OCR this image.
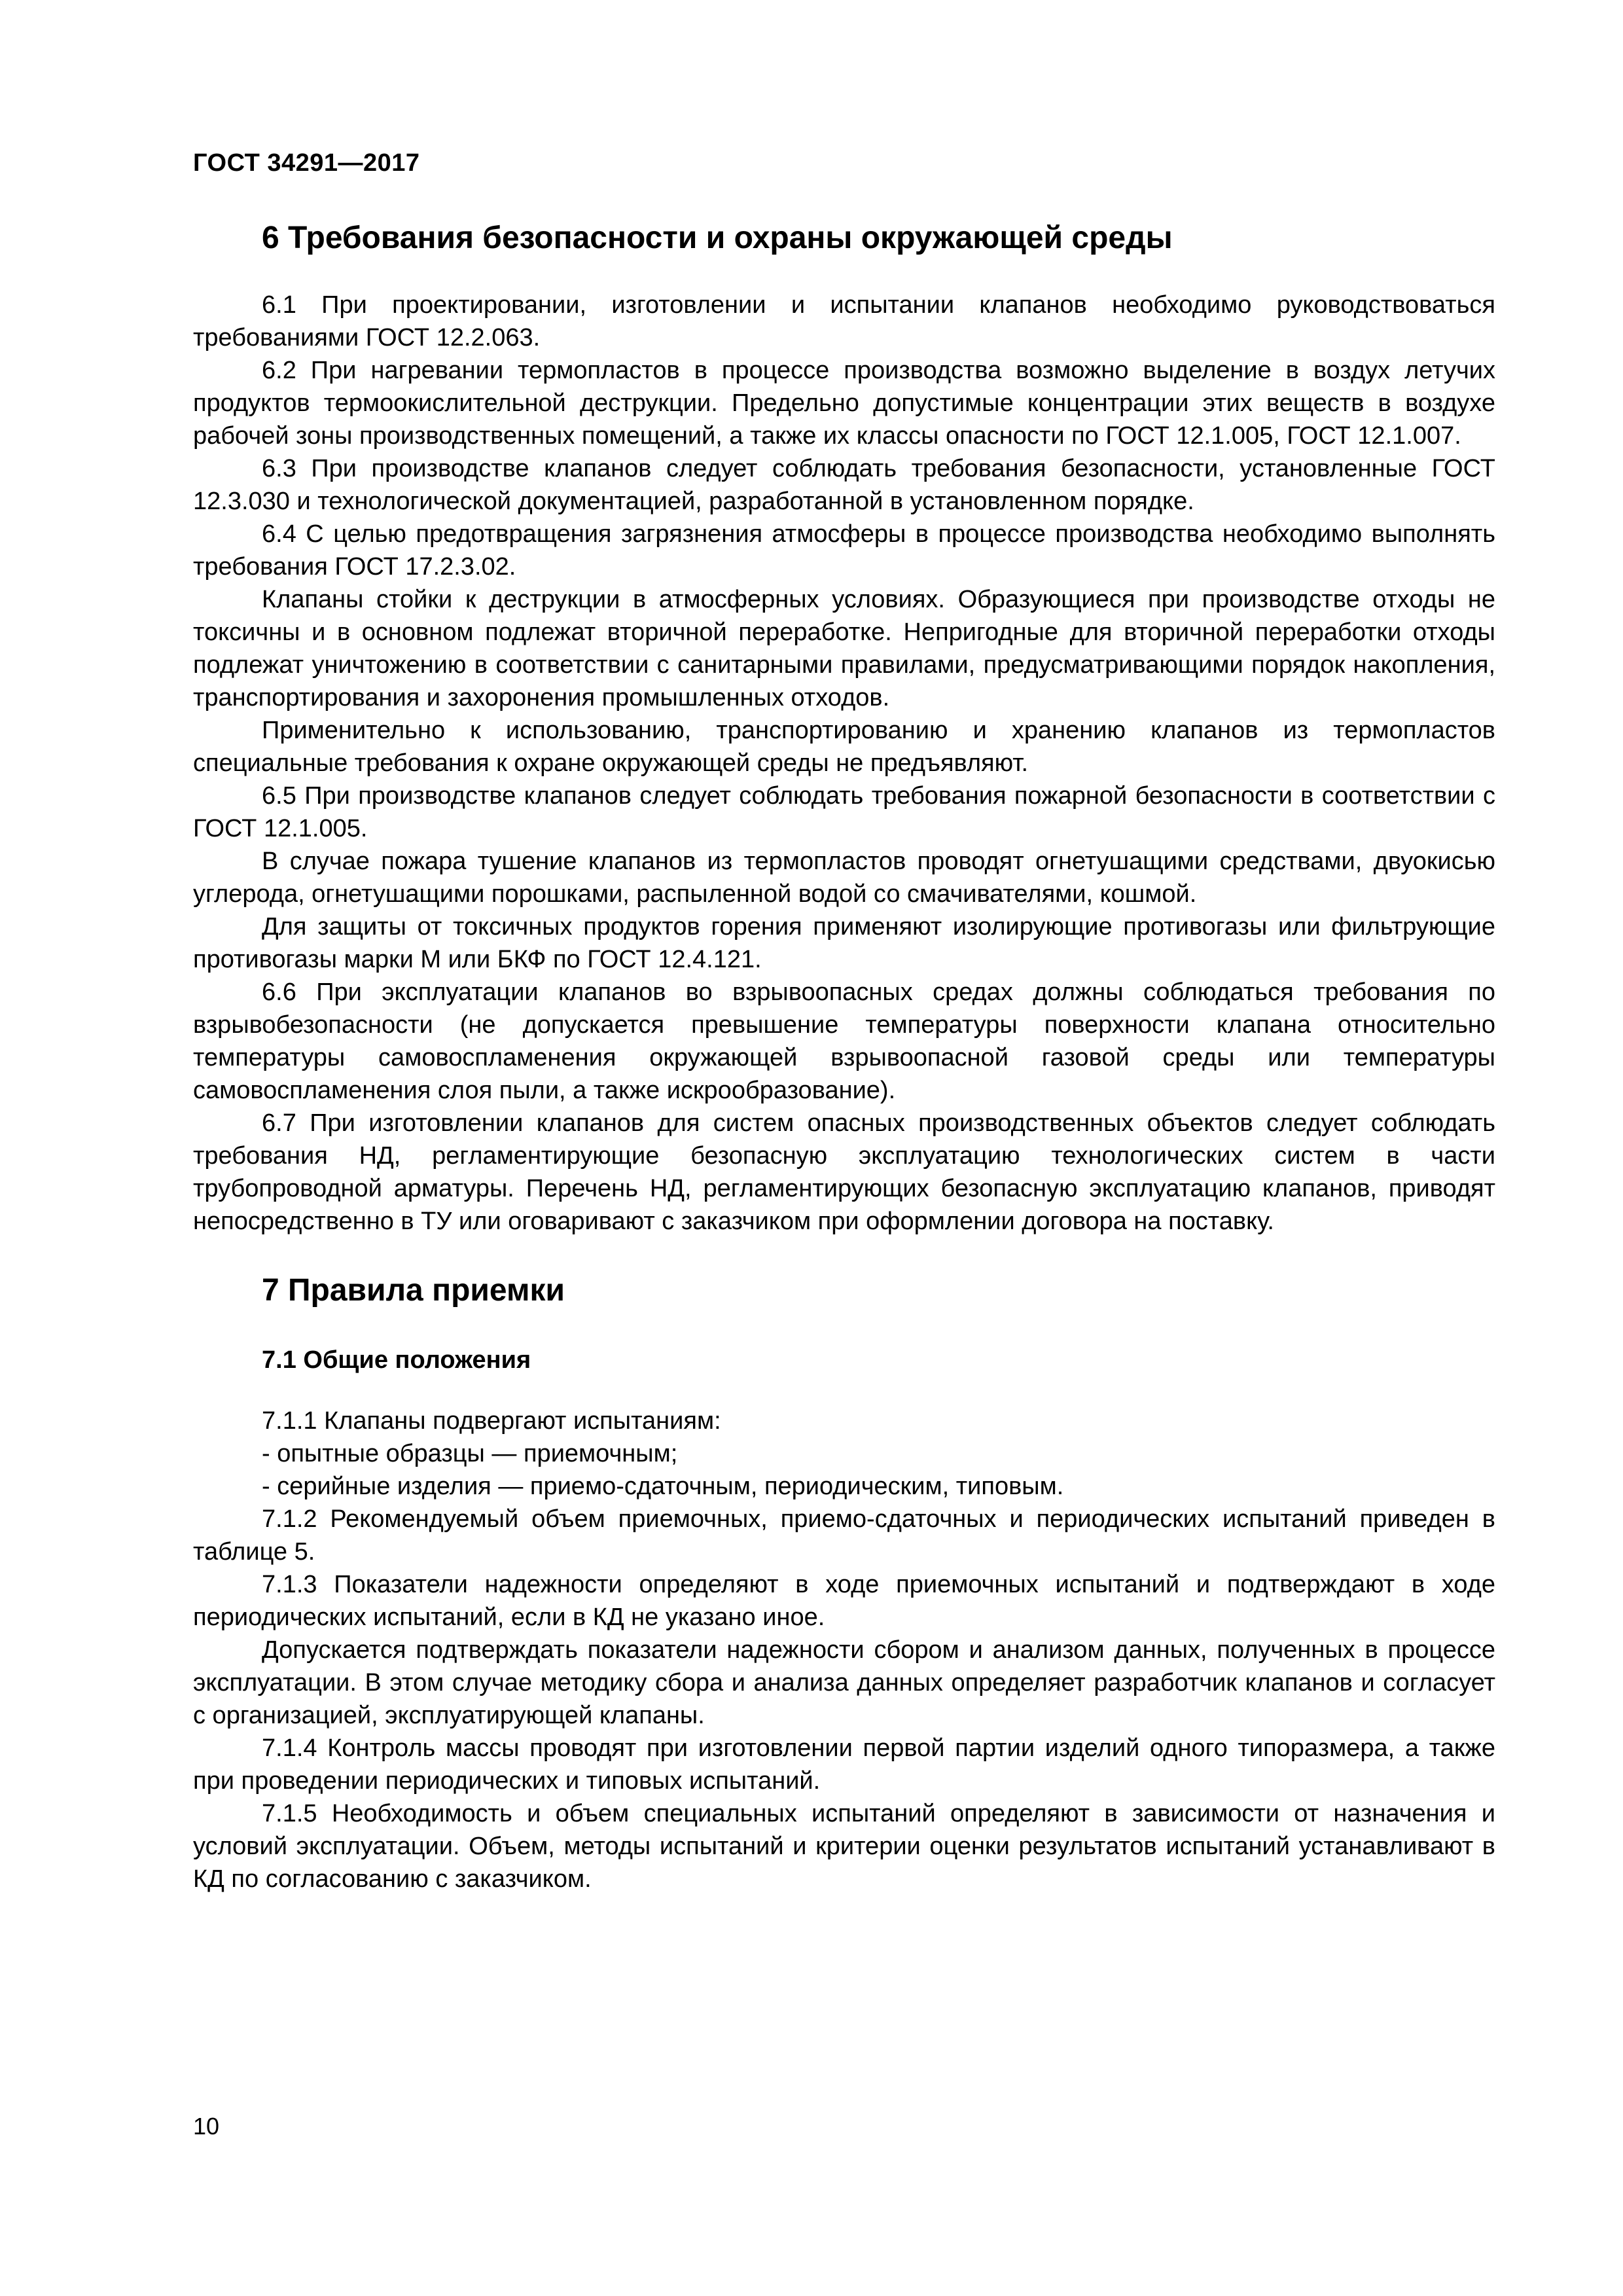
ГОСТ 34291—2017
6 Требования безопасности и охраны окружающей среды

6.1 При проектировании, изготовлении и испытании клапанов необходимо руководствоваться требованиями ГОСТ 12.2.063.

6.2 При нагревании термопластов в процессе производства возможно выделение в воздух летучих продуктов термоокислительной деструкции. Предельно допустимые концентрации этих веществ в воздухе рабочей зоны производственных помещений, а также их классы опасности по ГОСТ 12.1.005, ГОСТ 12.1.007.

6.3 При производстве клапанов следует соблюдать требования безопасности, установленные ГОСТ 12.3.030 и технологической документацией, разработанной в установленном порядке.

6.4 С целью предотвращения загрязнения атмосферы в процессе производства необходимо выполнять требования ГОСТ 17.2.3.02.

Клапаны стойки к деструкции в атмосферных условиях. Образующиеся при производстве отходы не токсичны и в основном подлежат вторичной переработке. Непригодные для вторичной переработки отходы подлежат уничтожению в соответствии с санитарными правилами, предусматривающими порядок накопления, транспортирования и захоронения промышленных отходов.

Применительно к использованию, транспортированию и хранению клапанов из термопластов специальные требования к охране окружающей среды не предъявляют.

6.5 При производстве клапанов следует соблюдать требования пожарной безопасности в соответствии с ГОСТ 12.1.005.

В случае пожара тушение клапанов из термопластов проводят огнетушащими средствами, двуокисью углерода, огнетушащими порошками, распыленной водой со смачивателями, кошмой.

Для защиты от токсичных продуктов горения применяют изолирующие противогазы или фильтрующие противогазы марки М или БКФ по ГОСТ 12.4.121.

6.6 При эксплуатации клапанов во взрывоопасных средах должны соблюдаться требования по взрывобезопасности (не допускается превышение температуры поверхности клапана относительно температуры самовоспламенения окружающей взрывоопасной газовой среды или температуры самовоспламенения слоя пыли, а также искрообразование).

6.7 При изготовлении клапанов для систем опасных производственных объектов следует соблюдать требования НД, регламентирующие безопасную эксплуатацию технологических систем в части трубопроводной арматуры. Перечень НД, регламентирующих безопасную эксплуатацию клапанов, приводят непосредственно в ТУ или оговаривают с заказчиком при оформлении договора на поставку.

7 Правила приемки
7.1 Общие положения

7.1.1 Клапаны подвергают испытаниям:

- опытные образцы — приемочным;

- серийные изделия — приемо-сдаточным, периодическим, типовым.

7.1.2 Рекомендуемый объем приемочных, приемо-сдаточных и периодических испытаний приведен в таблице 5.

7.1.3 Показатели надежности определяют в ходе приемочных испытаний и подтверждают в ходе периодических испытаний, если в КД не указано иное.

Допускается подтверждать показатели надежности сбором и анализом данных, полученных в процессе эксплуатации. В этом случае методику сбора и анализа данных определяет разработчик клапанов и согласует с организацией, эксплуатирующей клапаны.

7.1.4 Контроль массы проводят при изготовлении первой партии изделий одного типоразмера, а также при проведении периодических и типовых испытаний.

7.1.5 Необходимость и объем специальных испытаний определяют в зависимости от назначения и условий эксплуатации. Объем, методы испытаний и критерии оценки результатов испытаний устанавливают в КД по согласованию с заказчиком.

10
